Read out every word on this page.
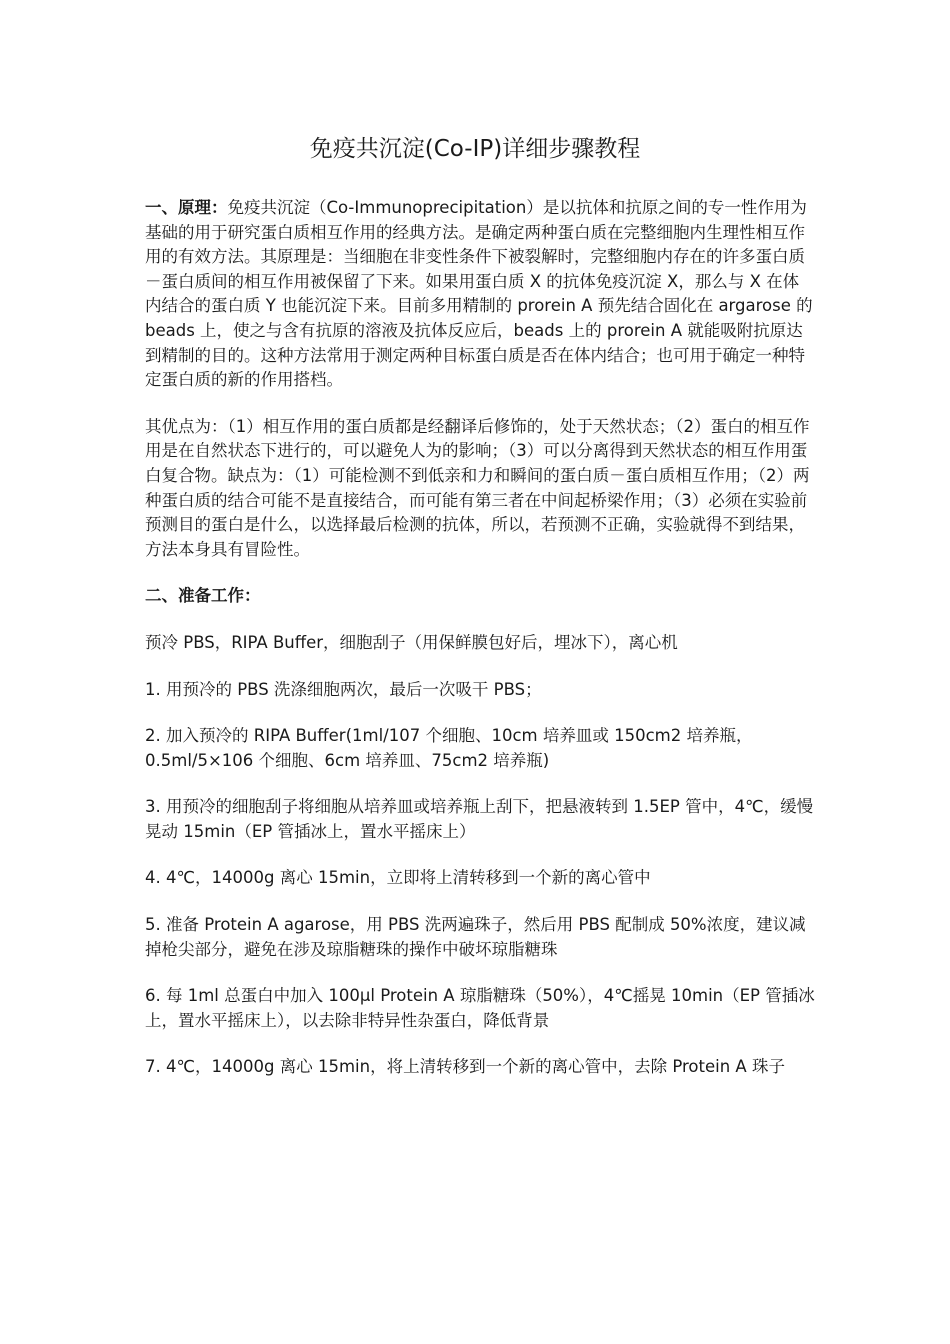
免疫共沉淀(Co-IP)详细步骤教程

一、原理：免疫共沉淀（Co-Immunoprecipitation）是以抗体和抗原之间的专一性作用为基础的用于研究蛋白质相互作用的经典方法。是确定两种蛋白质在完整细胞内生理性相互作用的有效方法。其原理是：当细胞在非变性条件下被裂解时，完整细胞内存在的许多蛋白质－蛋白质间的相互作用被保留了下来。如果用蛋白质 X 的抗体免疫沉淀 X，那么与 X 在体内结合的蛋白质 Y 也能沉淀下来。目前多用精制的 prorein A 预先结合固化在 argarose 的 beads 上，使之与含有抗原的溶液及抗体反应后，beads 上的 prorein A 就能吸附抗原达到精制的目的。这种方法常用于测定两种目标蛋白质是否在体内结合；也可用于确定一种特定蛋白质的新的作用搭档。

其优点为：（1）相互作用的蛋白质都是经翻译后修饰的，处于天然状态；（2）蛋白的相互作用是在自然状态下进行的，可以避免人为的影响；（3）可以分离得到天然状态的相互作用蛋白复合物。缺点为：（1）可能检测不到低亲和力和瞬间的蛋白质－蛋白质相互作用；（2）两种蛋白质的结合可能不是直接结合，而可能有第三者在中间起桥梁作用；（3）必须在实验前预测目的蛋白是什么，以选择最后检测的抗体，所以，若预测不正确，实验就得不到结果，方法本身具有冒险性。

二、准备工作：

预冷 PBS，RIPA Buffer，细胞刮子（用保鲜膜包好后，埋冰下），离心机

1. 用预冷的 PBS 洗涤细胞两次，最后一次吸干 PBS；

2. 加入预冷的 RIPA Buffer(1ml/107 个细胞、10cm 培养皿或 150cm2 培养瓶，0.5ml/5×106 个细胞、6cm 培养皿、75cm2 培养瓶)

3. 用预冷的细胞刮子将细胞从培养皿或培养瓶上刮下，把悬液转到 1.5EP 管中，4℃，缓慢晃动 15min（EP 管插冰上，置水平摇床上）

4. 4℃，14000g 离心 15min，立即将上清转移到一个新的离心管中

5. 准备 Protein A agarose，用 PBS 洗两遍珠子，然后用 PBS 配制成 50%浓度，建议减掉枪尖部分，避免在涉及琼脂糖珠的操作中破坏琼脂糖珠

6. 每 1ml 总蛋白中加入 100μl Protein A 琼脂糖珠（50%），4℃摇晃 10min（EP 管插冰上，置水平摇床上），以去除非特异性杂蛋白，降低背景

7. 4℃，14000g 离心 15min，将上清转移到一个新的离心管中，去除 Protein A 珠子
